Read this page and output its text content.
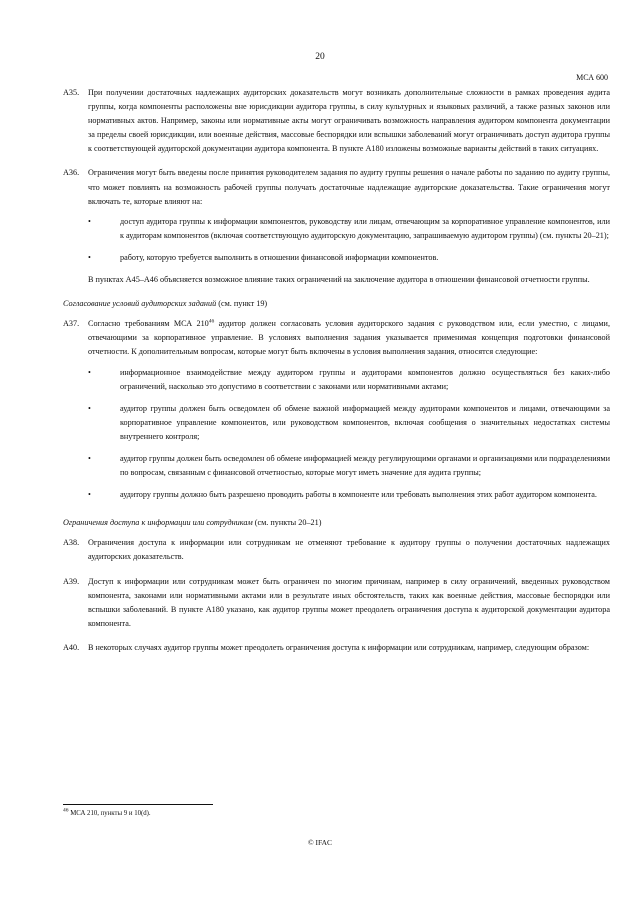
20
МСА 600

A35. При получении достаточных надлежащих аудиторских доказательств могут возникать дополнительные сложности в рамках проведения аудита группы, когда компоненты расположены вне юрисдикции аудитора группы, в силу культурных и языковых различий, а также разных законов или нормативных актов. Например, законы или нормативные акты могут ограничивать возможность направления аудитором компонента документации за пределы своей юрисдикции, или военные действия, массовые беспорядки или вспышки заболеваний могут ограничивать доступ аудитора группы к соответствующей аудиторской документации аудитора компонента. В пункте А180 изложены возможные варианты действий в таких ситуациях.

A36. Ограничения могут быть введены после принятия руководителем задания по аудиту группы решения о начале работы по заданию по аудиту группы, что может повлиять на возможность рабочей группы получать достаточные надлежащие аудиторские доказательства. Такие ограничения могут включать те, которые влияют на:

•	доступ аудитора группы к информации компонентов, руководству или лицам, отвечающим за корпоративное управление компонентов, или к аудиторам компонентов (включая соответствующую аудиторскую документацию, запрашиваемую аудитором группы) (см. пункты 20–21);
•	работу, которую требуется выполнить в отношении финансовой информации компонентов.

В пунктах А45–А46 объясняется возможное влияние таких ограничений на заключение аудитора в отношении финансовой отчетности группы.

Согласование условий аудиторских заданий (см. пункт 19)

A37. Согласно требованиям МСА $210^{46}$ аудитор должен согласовать условия аудиторского задания с руководством или, если уместно, с лицами, отвечающими за корпоративное управление. В условиях выполнения задания указывается применимая концепция подготовки финансовой отчетности. К дополнительным вопросам, которые могут быть включены в условия выполнения задания, относятся следующие:

•	информационное взаимодействие между аудитором группы и аудиторами компонентов должно осуществляться без каких-либо ограничений, насколько это допустимо в соответствии с законами или нормативными актами;
•	аудитор группы должен быть осведомлен об обмене важной информацией между аудиторами компонентов и лицами, отвечающими за корпоративное управление компонентов, или руководством компонентов, включая сообщения о значительных недостатках системы внутреннего контроля;
•	аудитор группы должен быть осведомлен об обмене информацией между регулирующими органами и организациями или подразделениями по вопросам, связанным с финансовой отчетностью, которые могут иметь значение для аудита группы;
•	аудитору группы должно быть разрешено проводить работы в компоненте или требовать выполнения этих работ аудитором компонента.

Ограничения доступа к информации или сотрудникам (см. пункты 20–21)

A38. Ограничения доступа к информации или сотрудникам не отменяют требование к аудитору группы о получении достаточных надлежащих аудиторских доказательств.

A39. Доступ к информации или сотрудникам может быть ограничен по многим причинам, например в силу ограничений, введенных руководством компонента, законами или нормативными актами или в результате иных обстоятельств, таких как военные действия, массовые беспорядки или вспышки заболеваний. В пункте А180 указано, как аудитор группы может преодолеть ограничения доступа к аудиторской документации аудитора компонента.

A40. В некоторых случаях аудитор группы может преодолеть ограничения доступа к информации или сотрудникам, например, следующим образом:

$^{46}$ МСА 210, пункты 9 и 10(d).
© IFAC
